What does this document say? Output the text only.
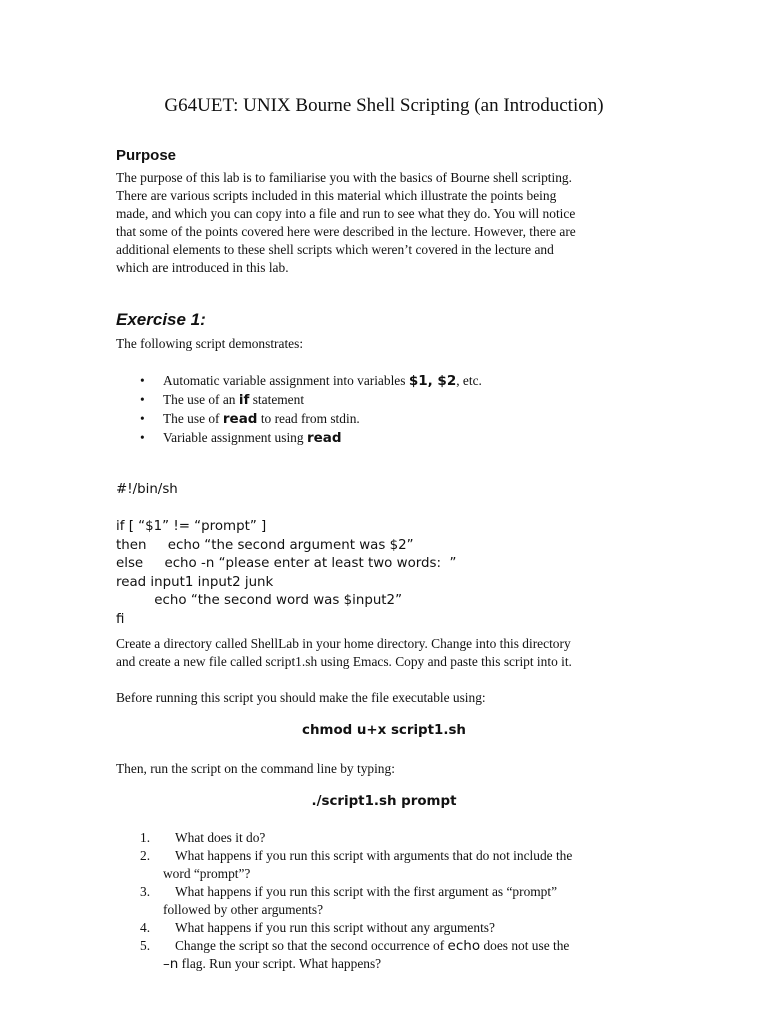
G64UET: UNIX Bourne Shell Scripting (an Introduction)
Purpose
The purpose of this lab is to familiarise you with the basics of Bourne shell scripting.
There are various scripts included in this material which illustrate the points being
made, and which you can copy into a file and run to see what they do. You will notice
that some of the points covered here were described in the lecture. However, there are
additional elements to these shell scripts which weren’t covered in the lecture and
which are introduced in this lab.
Exercise 1:
The following script demonstrates:
• Automatic variable assignment into variables $1, $2, etc.
• The use of an if statement
• The use of read to read from stdin.
• Variable assignment using read
#!/bin/sh
if [ “$1” != “prompt” ]
then     echo “the second argument was $2”
else     echo -n “please enter at least two words:  ”
read input1 input2 junk
echo “the second word was $input2”
fi
Create a directory called ShellLab in your home directory. Change into this directory
and create a new file called script1.sh using Emacs. Copy and paste this script into it.
Before running this script you should make the file executable using:
chmod u+x script1.sh
Then, run the script on the command line by typing:
./script1.sh prompt
1.	What does it do?
2.	What happens if you run this script with arguments that do not include the
word “prompt”?
3.	What happens if you run this script with the first argument as “prompt”
followed by other arguments?
4.	What happens if you run this script without any arguments?
5.	Change the script so that the second occurrence of echo does not use the
–n flag. Run your script. What happens?
